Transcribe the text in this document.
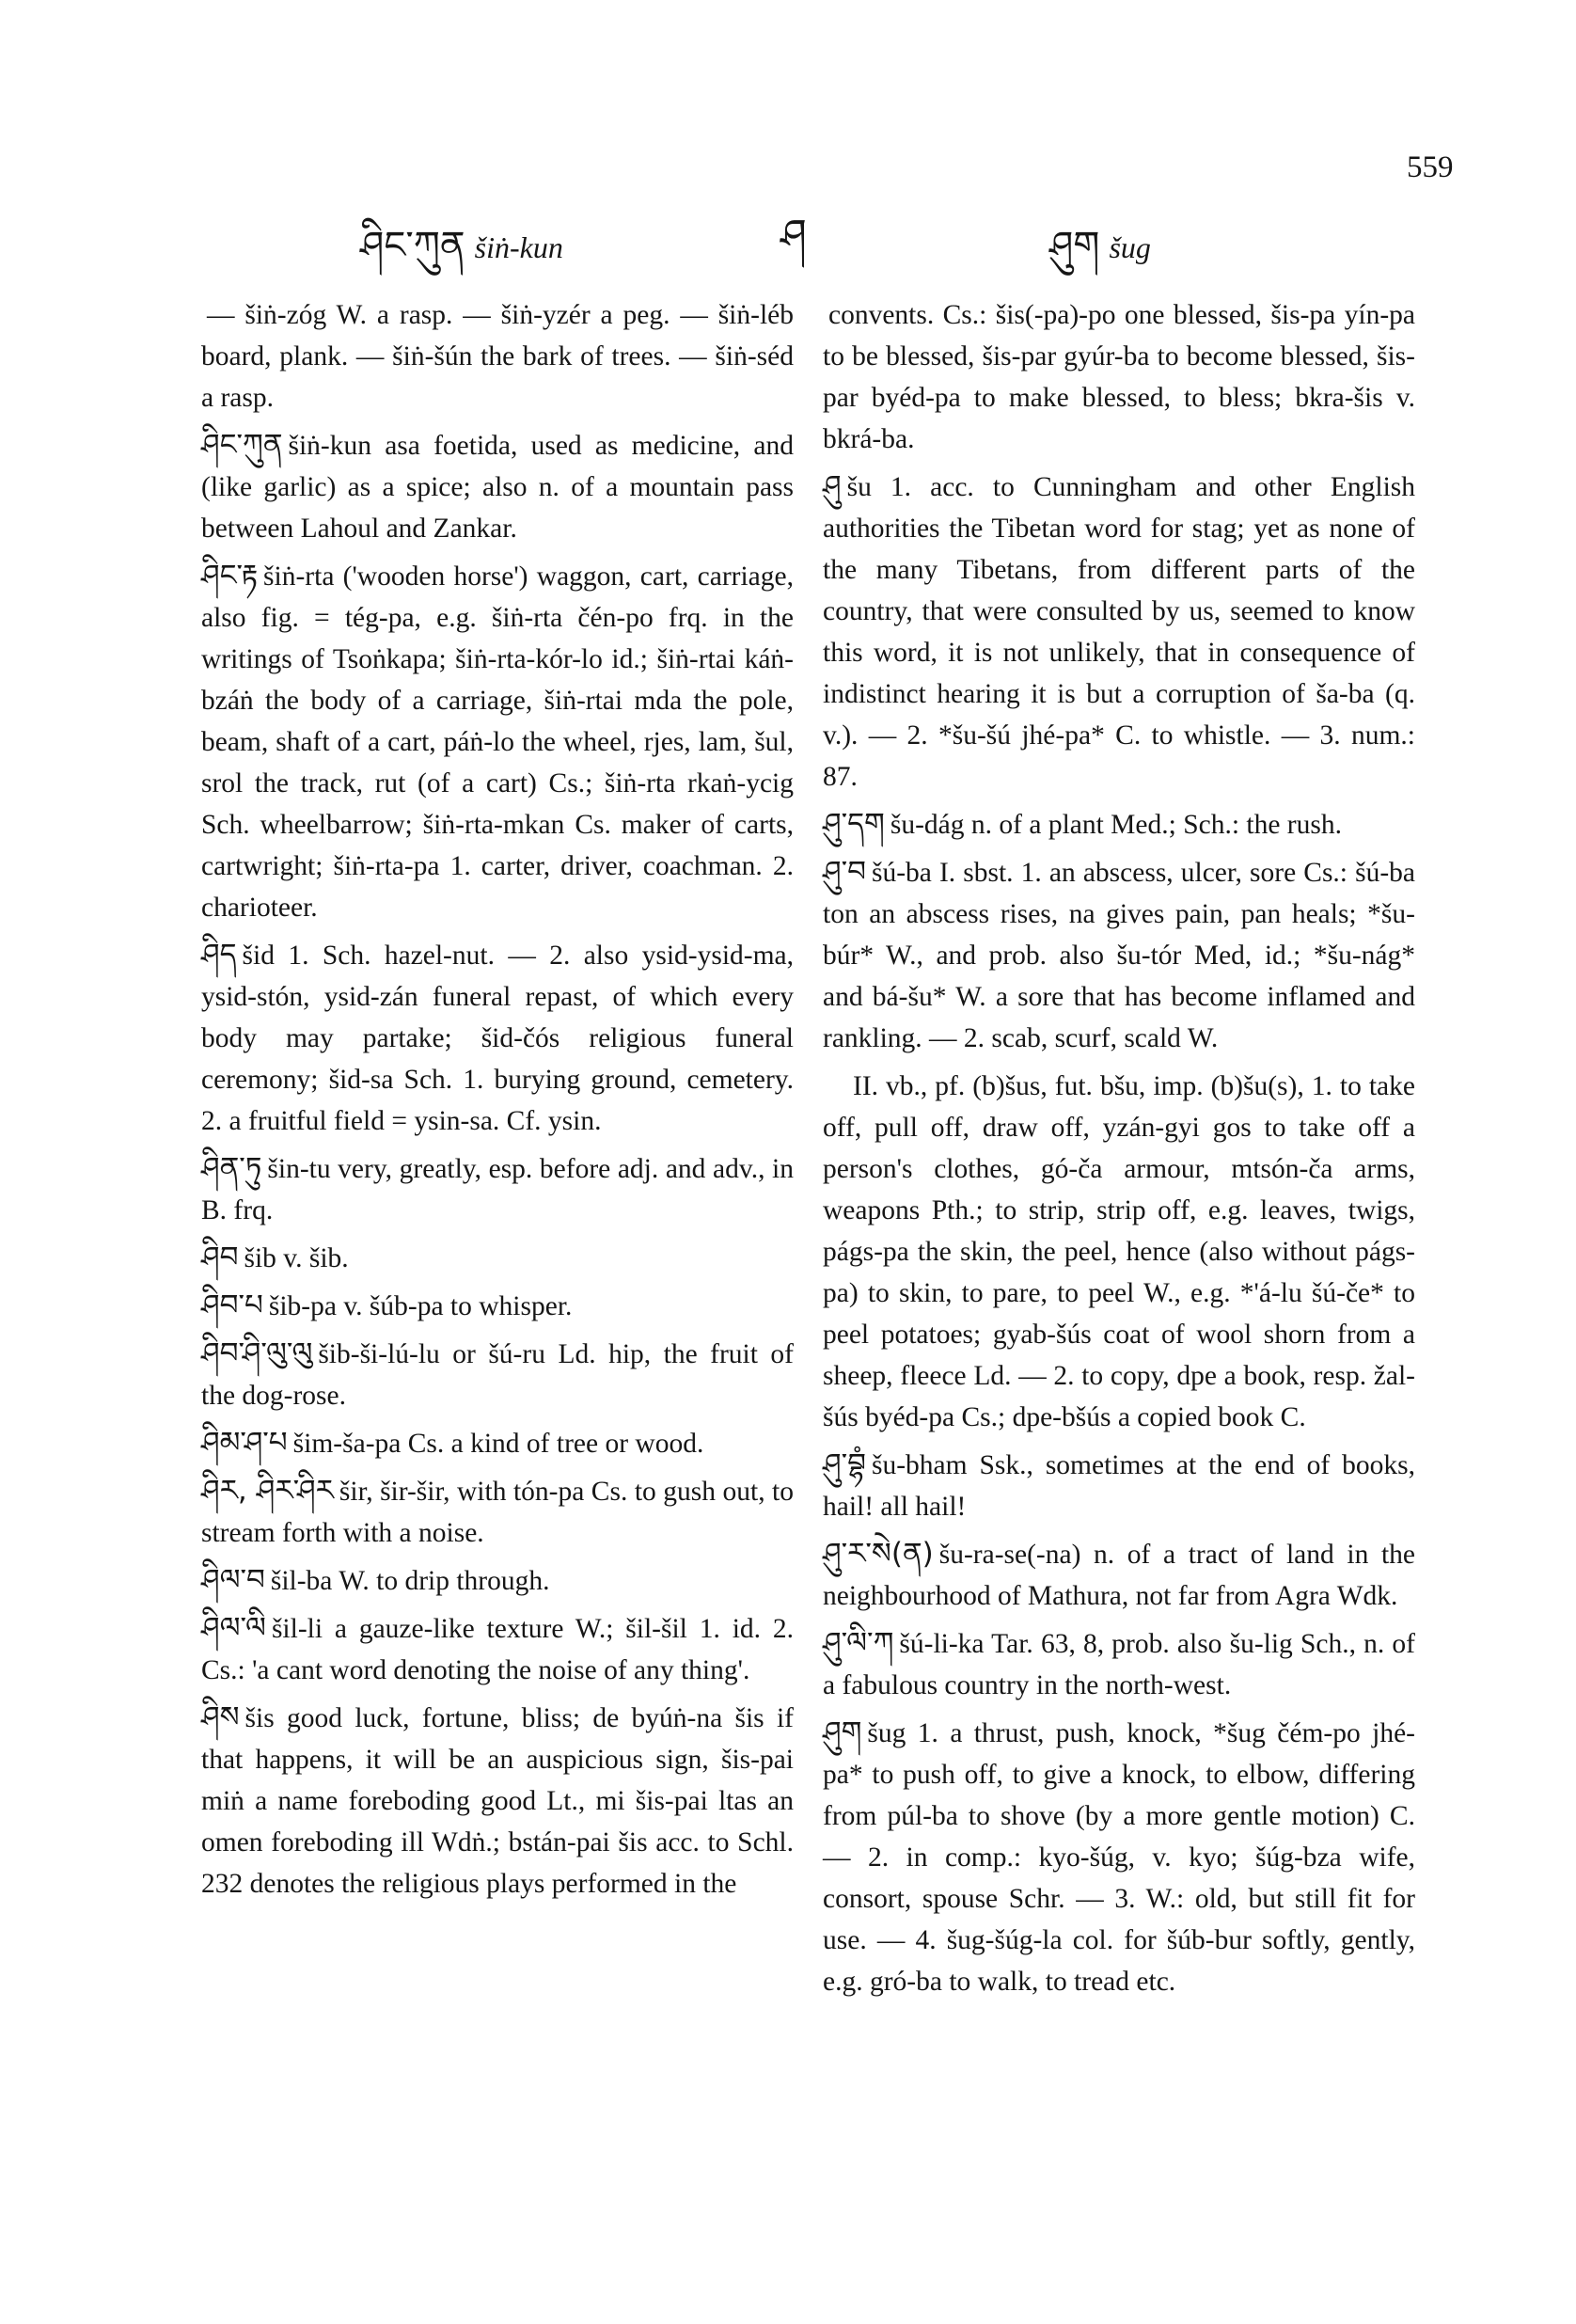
559
ཤིང་ཀུན šiṅ-kun	ཤ	ཤུག šug

— šiṅ-zóg W. a rasp. — šiṅ-yzér a peg. — šiṅ-léb board, plank. — šiṅ-šún the bark of trees. — šiṅ-séd a rasp.

ཤིང་ཀུན šiṅ-kun asa foetida, used as medicine, and (like garlic) as a spice; also n. of a mountain pass between Lahoul and Zankar.

ཤིང་རྟ šiṅ-rta ('wooden horse') waggon, cart, carriage, also fig. = tég-pa, e.g. šiṅ-rta čén-po frq. in the writings of Tsoṅkapa; šiṅ-rta-kór-lo id.; šiṅ-rtai káṅ-bzáṅ the body of a carriage, šiṅ-rtai mda the pole, beam, shaft of a cart, páṅ-lo the wheel, rjes, lam, šul, srol the track, rut (of a cart) Cs.; šiṅ-rta rkaṅ-ycig Sch. wheelbarrow; šiṅ-rta-mkan Cs. maker of carts, cartwright; šiṅ-rta-pa 1. carter, driver, coachman. 2. charioteer.

ཤིད šid 1. Sch. hazel-nut. — 2. also ysid-ysid-ma, ysid-stón, ysid-zán funeral repast, of which every body may partake; šid-čós religious funeral ceremony; šid-sa Sch. 1. burying ground, cemetery. 2. a fruitful field = ysin-sa. Cf. ysin.

ཤིན་ཏུ šin-tu very, greatly, esp. before adj. and adv., in B. frq.

ཤིབ šib v. šib.

ཤིབ་པ šib-pa v. šúb-pa to whisper.

ཤིབ་ཤི་ལུ་ལུ šib-ši-lú-lu or šú-ru Ld. hip, the fruit of the dog-rose.

ཤིམ་ཤ་པ šim-ša-pa Cs. a kind of tree or wood.

ཤིར, ཤིར་ཤིར šir, šir-šir, with tón-pa Cs. to gush out, to stream forth with a noise.

ཤིལ་བ šil-ba W. to drip through.

ཤིལ་ལི šil-li a gauze-like texture W.; šil-šil 1. id. 2. Cs.: 'a cant word denoting the noise of any thing'.

ཤིས šis good luck, fortune, bliss; de byúṅ-na šis if that happens, it will be an auspicious sign, šis-pai miṅ a name foreboding good Lt., mi šis-pai ltas an omen foreboding ill Wdṅ.; bstán-pai šis acc. to Schl. 232 denotes the religious plays performed in the

convents. Cs.: šis(-pa)-po one blessed, šis-pa yín-pa to be blessed, šis-par gyúr-ba to become blessed, šis-par byéd-pa to make blessed, to bless; bkra-šis v. bkrá-ba.

ཤུ šu 1. acc. to Cunningham and other English authorities the Tibetan word for stag; yet as none of the many Tibetans, from different parts of the country, that were consulted by us, seemed to know this word, it is not unlikely, that in consequence of indistinct hearing it is but a corruption of ša-ba (q. v.). — 2. *šu-šú jhé-pa* C. to whistle. — 3. num.: 87.

ཤུ་དག šu-dág n. of a plant Med.; Sch.: the rush.

ཤུ་བ šú-ba I. sbst. 1. an abscess, ulcer, sore Cs.: šú-ba ton an abscess rises, na gives pain, pan heals; *šu-búr* W., and prob. also šu-tór Med, id.; *šu-nág* and bá-šu* W. a sore that has become inflamed and rankling. — 2. scab, scurf, scald W.

II. vb., pf. (b)šus, fut. bšu, imp. (b)šu(s), 1. to take off, pull off, draw off, yzán-gyi gos to take off a person's clothes, gó-ča armour, mtsón-ča arms, weapons Pth.; to strip, strip off, e.g. leaves, twigs, págs-pa the skin, the peel, hence (also without págs-pa) to skin, to pare, to peel W., e.g. *'á-lu šú-če* to peel potatoes; gyab-šús coat of wool shorn from a sheep, fleece Ld. — 2. to copy, dpe a book, resp. žal-šús byéd-pa Cs.; dpe-bšús a copied book C.

ཤུ་བྷཾ šu-bham Ssk., sometimes at the end of books, hail! all hail!

ཤུ་ར་སེ(ན) šu-ra-se(-na) n. of a tract of land in the neighbourhood of Mathura, not far from Agra Wdk.

ཤུ་ལི་ཀ šú-li-ka Tar. 63, 8, prob. also šu-lig Sch., n. of a fabulous country in the north-west.

ཤུག šug 1. a thrust, push, knock, *šug čém-po jhé-pa* to push off, to give a knock, to elbow, differing from púl-ba to shove (by a more gentle motion) C. — 2. in comp.: kyo-šúg, v. kyo; šúg-bza wife, consort, spouse Schr. — 3. W.: old, but still fit for use. — 4. šug-šúg-la col. for šúb-bur softly, gently, e.g. gró-ba to walk, to tread etc.
